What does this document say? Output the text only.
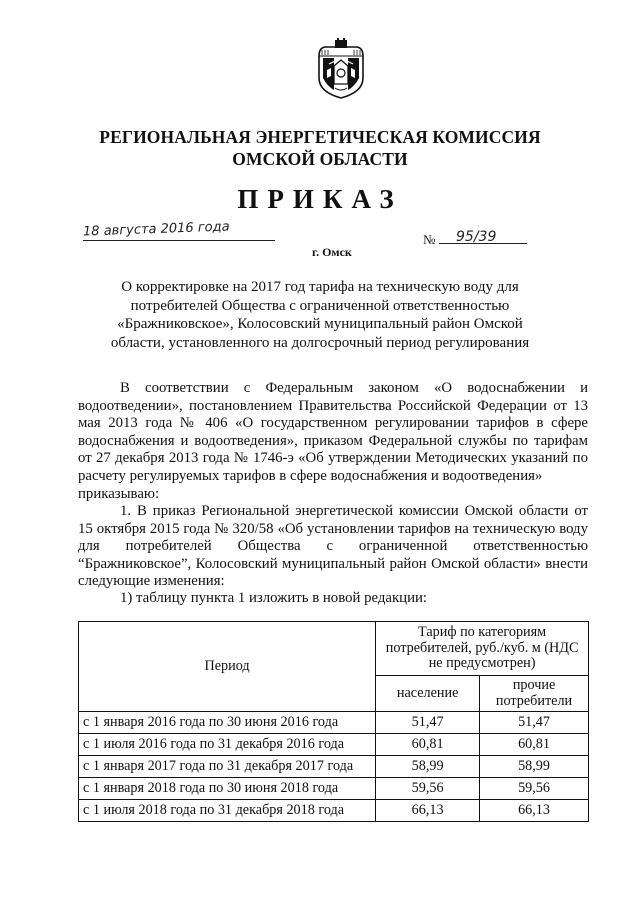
РЕГИОНАЛЬНАЯ ЭНЕРГЕТИЧЕСКАЯ КОМИССИЯ
ОМСКОЙ ОБЛАСТИ
ПРИКАЗ
18 августа 2016 года
г. Омск
№ 95/39
О корректировке на 2017 год тарифа на техническую воду для
потребителей Общества с ограниченной ответственностью
«Бражниковское», Колосовский муниципальный район Омской
области, установленного на долгосрочный период регулирования
В соответствии с Федеральным законом «О водоснабжении и водоотведении», постановлением Правительства Российской Федерации от 13 мая 2013 года № 406 «О государственном регулировании тарифов в сфере водоснабжения и водоотведения», приказом Федеральной службы по тарифам от 27 декабря 2013 года № 1746-э «Об утверждении Методических указаний по расчету регулируемых тарифов в сфере водоснабжения и водоотведения»
приказываю:
1. В приказ Региональной энергетической комиссии Омской области от 15 октября 2015 года № 320/58 «Об установлении тарифов на техническую воду для потребителей Общества с ограниченной ответственностью “Бражниковское”, Колосовский муниципальный район Омской области» внести следующие изменения:
1) таблицу пункта 1 изложить в новой редакции:
Период	Тариф по категориям потребителей, руб./куб. м (НДС не предусмотрен)	
	население	прочие потребители
с 1 января 2016 года по 30 июня 2016 года	51,47	51,47
с 1 июля 2016 года по 31 декабря 2016 года	60,81	60,81
с 1 января 2017 года по 31 декабря 2017 года	58,99	58,99
с 1 января 2018 года по 30 июня 2018 года	59,56	59,56
с 1 июля 2018 года по 31 декабря 2018 года	66,13	66,13
